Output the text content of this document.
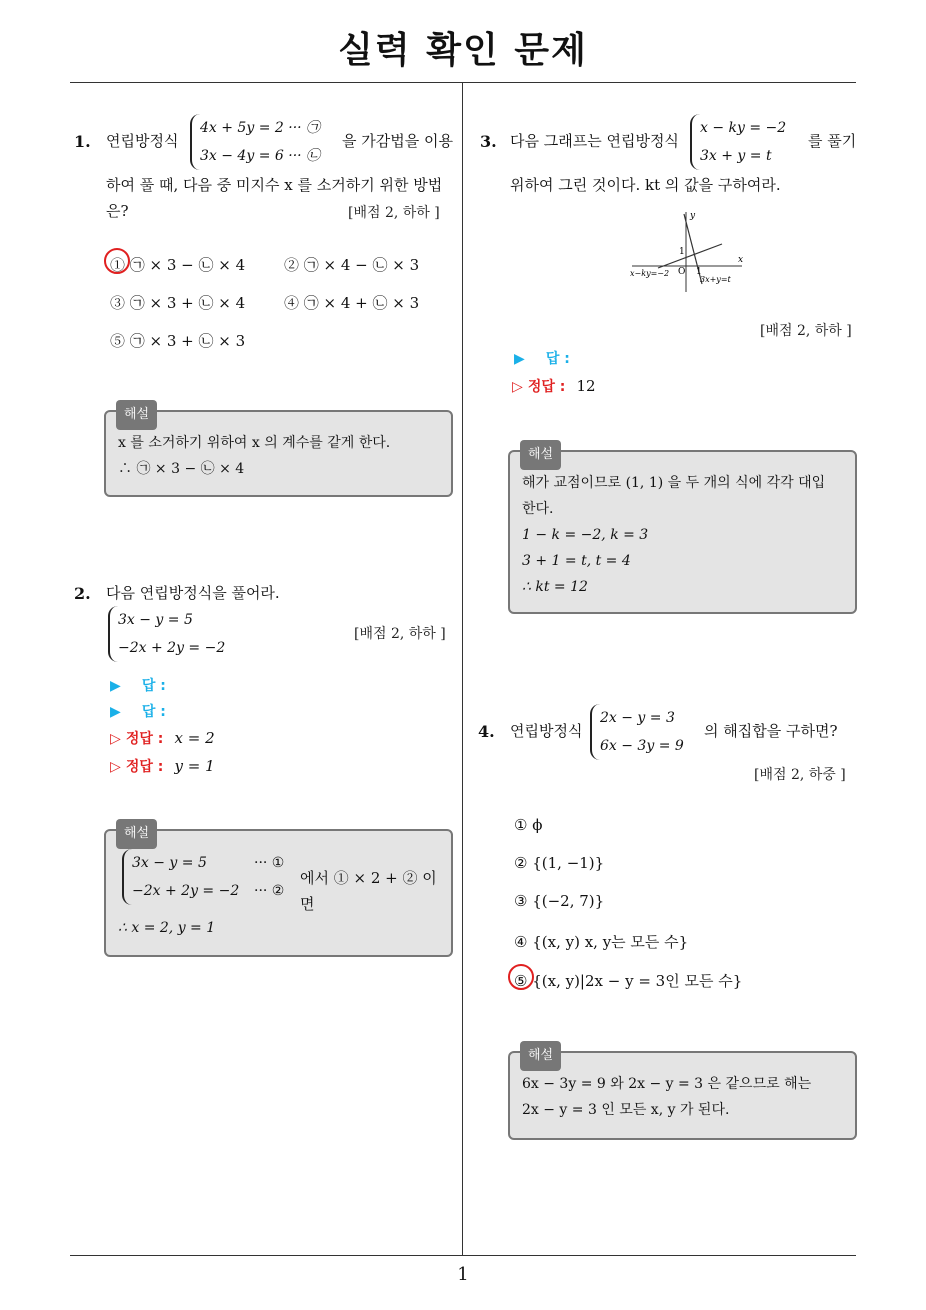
실력 확인 문제
1
1. 연립방정식
4x + 5y = 2 ··· ㉠
3x − 4y = 6 ··· ㉡
을 가감법을 이용
하여 풀 때, 다음 중 미지수 x 를 소거하기 위한 방법
은?	[배점 2, 하하 ]
① ㉠ × 3 − ㉡ × 4	② ㉠ × 4 − ㉡ × 3
③ ㉠ × 3 + ㉡ × 4	④ ㉠ × 4 + ㉡ × 3
⑤ ㉠ × 3 + ㉡ × 3
해설
x 를 소거하기 위하여 x 의 계수를 같게 한다.
∴ ㉠ × 3 − ㉡ × 4
2. 다음 연립방정식을 풀어라.
3x − y = 5
−2x + 2y = −2
[배점 2, 하하 ]
▶ 답 :
▶ 답 :
▷ 정답 : x = 2
▷ 정답 : y = 1
해설
3x − y = 5	··· ①
−2x + 2y = −2 ··· ②
에서 ① × 2 + ② 이면
∴ x = 2, y = 1
3. 다음 그래프는 연립방정식
x − ky = −2
3x + y = t
를 풀기
위하여 그린 것이다. kt 의 값을 구하여라.
y
x
O 1
1
x−ky=−2
3x+y=t
[배점 2, 하하 ]
▶ 답 :
▷ 정답 : 12
해설
해가 교점이므로 (1, 1) 을 두 개의 식에 각각 대입
한다.
1 − k = −2, k = 3
3 + 1 = t, t = 4
∴ kt = 12
4. 연립방정식
2x − y = 3
6x − 3y = 9
의 해집합을 구하면?
[배점 2, 하중 ]
① ϕ
② {(1, −1)}
③ {(−2, 7)}
④ {(x, y) x, y는 모든 수}
⑤ {(x, y)|2x − y = 3인 모든 수}
해설
6x − 3y = 9 와 2x − y = 3 은 같으므로 해는
2x − y = 3 인 모든 x, y 가 된다.
